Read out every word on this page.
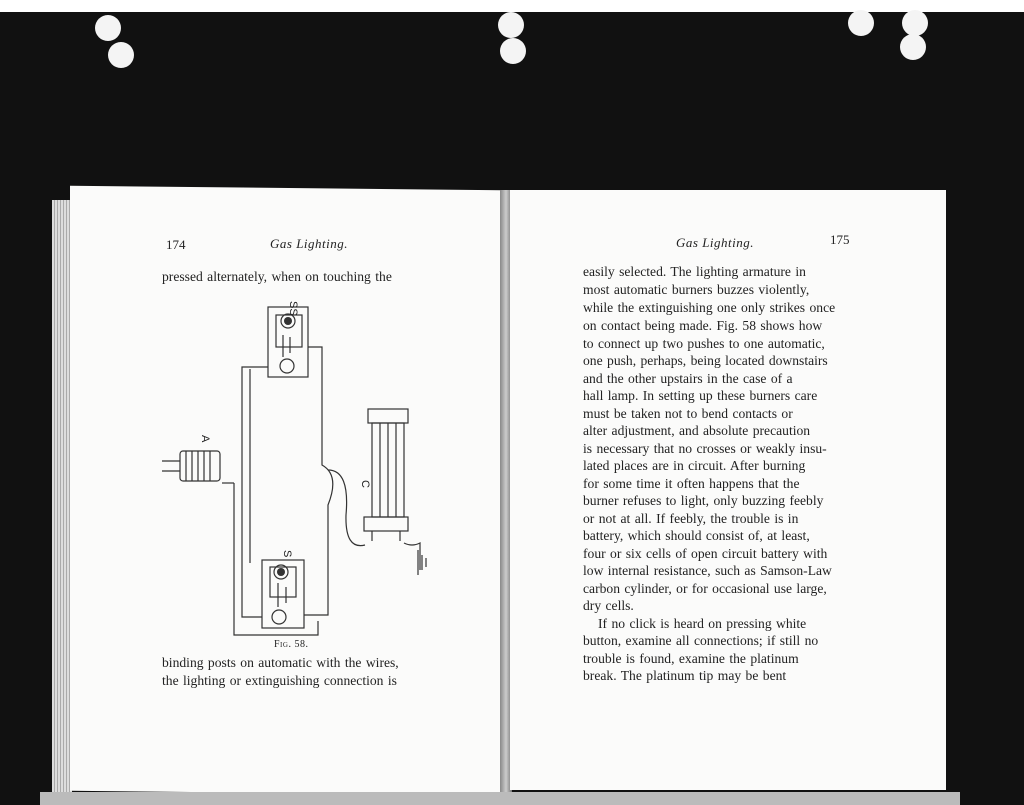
174	Gas Lighting.
pressed alternately, when on touching the
SS
S
A
C
Fig. 58.
binding posts on automatic with the wires,
the lighting or extinguishing connection is
Gas Lighting.	175
easily selected. The lighting armature in
most automatic burners buzzes violently,
while the extinguishing one only strikes once
on contact being made. Fig. 58 shows how
to connect up two pushes to one automatic,
one push, perhaps, being located downstairs
and the other upstairs in the case of a
hall lamp. In setting up these burners care
must be taken not to bend contacts or
alter adjustment, and absolute precaution
is necessary that no crosses or weakly insu-
lated places are in circuit. After burning
for some time it often happens that the
burner refuses to light, only buzzing feebly
or not at all. If feebly, the trouble is in
battery, which should consist of, at least,
four or six cells of open circuit battery with
low internal resistance, such as Samson-Law
carbon cylinder, or for occasional use large,
dry cells.
If no click is heard on pressing white
button, examine all connections; if still no
trouble is found, examine the platinum
break. The platinum tip may be bent
